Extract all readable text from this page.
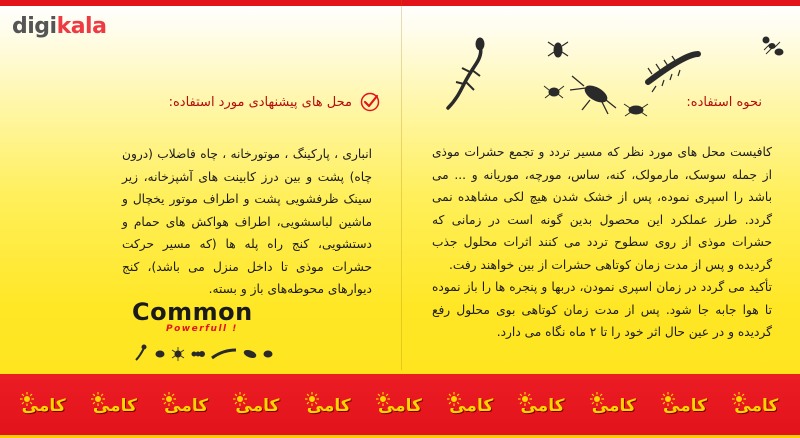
digikala
نحوه استفاده:

کافیست محل های مورد نظر که مسیر تردد و تجمع حشرات موذی از جمله سوسک، مارمولک، کنه، ساس، مورچه، موریانه و ... می باشد را اسپری نموده، پس از خشک شدن هیچ لکی مشاهده نمی گردد. طرز عملکرد این محصول بدین گونه است در زمانی که حشرات موذی از روی سطوح تردد می کنند اثرات محلول جذب گردیده و پس از مدت زمان کوتاهی حشرات از بین خواهند رفت.

تأکید می گردد در زمان اسپری نمودن، دربها و پنجره ها را باز نموده تا هوا جابه جا شود. پس از مدت زمان کوتاهی بوی محلول رفع گردیده و در عین حال اثر خود را تا ۲ ماه نگاه می دارد.

محل های پیشنهادی مورد استفاده:
انباری ، پارکینگ ، موتورخانه ، چاه فاضلاب (درون چاه) پشت و بین درز کابینت های آشپزخانه، زیر سینک ظرفشویی پشت و اطراف موتور یخچال و ماشین لباسشویی، اطراف هواکش های حمام و دستشویی، کنج راه پله ها (که مسیر حرکت حشرات موذی تا داخل منزل می باشد)، کنج دیوارهای محوطه‌های باز و بسته.
Common
Powerfull !
کامی کامی کامی کامی کامی کامی کامی کامی کامی کامی کامی
